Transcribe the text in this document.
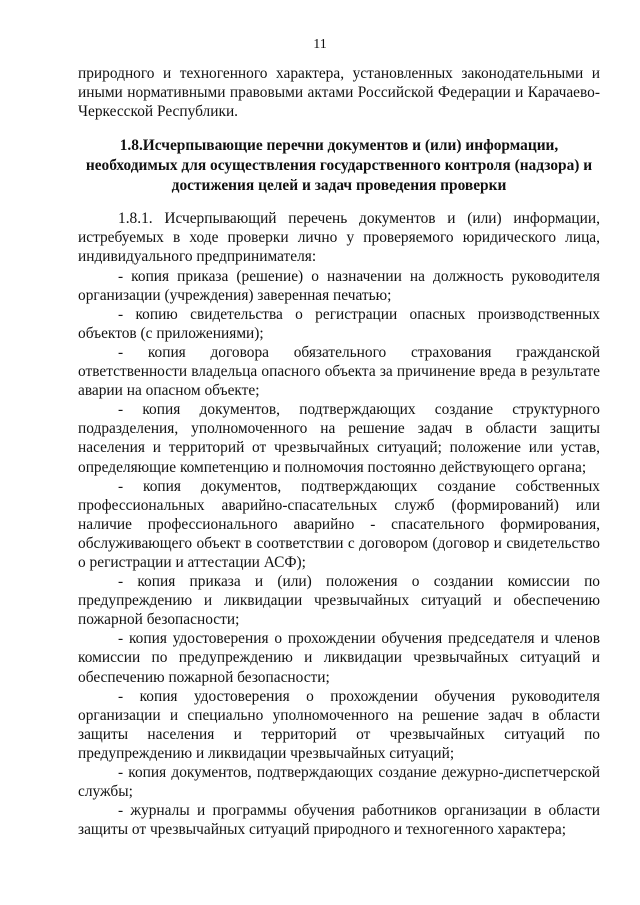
11

природного и техногенного характера, установленных законодательными и иными нормативными правовыми актами Российской Федерации и Карачаево-Черкесской Республики.

1.8.Исчерпывающие перечни документов и (или) информации, необходимых для осуществления государственного контроля (надзора) и достижения целей и задач проведения проверки

1.8.1. Исчерпывающий перечень документов и (или) информации, истребуемых в ходе проверки лично у проверяемого юридического лица, индивидуального предпринимателя:

- копия приказа (решение) о назначении на должность руководителя организации (учреждения) заверенная печатью;

- копию свидетельства о регистрации опасных производственных объектов (с приложениями);

- копия договора обязательного страхования гражданской ответственности владельца опасного объекта за причинение вреда в результате аварии на опасном объекте;

- копия документов, подтверждающих создание структурного подразделения, уполномоченного на решение задач в области защиты населения и территорий от чрезвычайных ситуаций; положение или устав, определяющие компетенцию и полномочия постоянно действующего органа;

- копия документов, подтверждающих создание собственных профессиональных аварийно-спасательных служб (формирований) или наличие профессионального аварийно - спасательного формирования, обслуживающего объект в соответствии с договором (договор и свидетельство о регистрации и аттестации АСФ);

- копия приказа и (или) положения о создании комиссии по предупреждению и ликвидации чрезвычайных ситуаций и обеспечению пожарной безопасности;

- копия удостоверения о прохождении обучения председателя и членов комиссии по предупреждению и ликвидации чрезвычайных ситуаций и обеспечению пожарной безопасности;

- копия удостоверения о прохождении обучения руководителя организации и специально уполномоченного на решение задач в области защиты населения и территорий от чрезвычайных ситуаций по предупреждению и ликвидации чрезвычайных ситуаций;

- копия документов, подтверждающих создание дежурно-диспетчерской службы;

- журналы и программы обучения работников организации в области защиты от чрезвычайных ситуаций природного и техногенного характера;
